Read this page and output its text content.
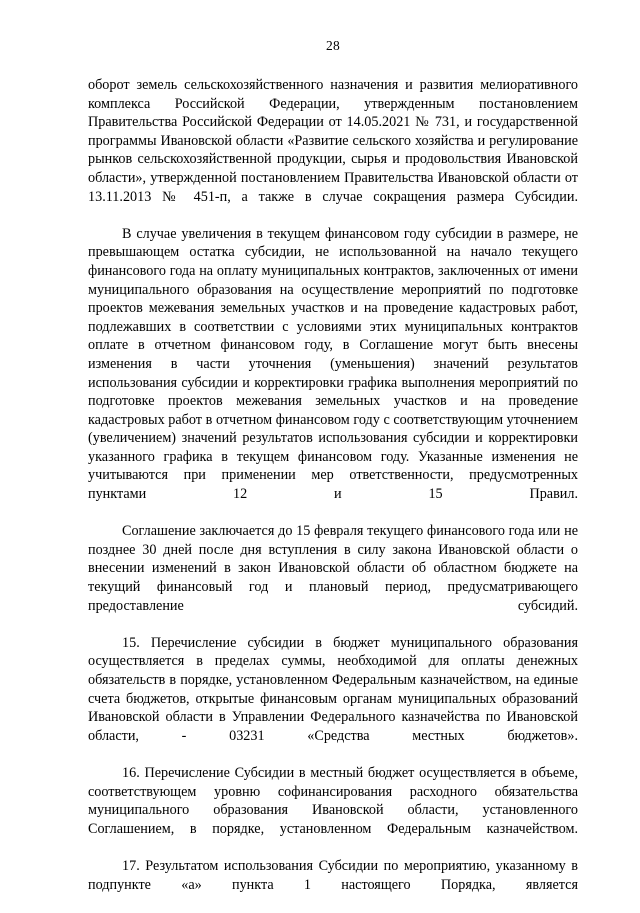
28

оборот земель сельскохозяйственного назначения и развития мелиоративного комплекса Российской Федерации, утвержденным постановлением Правительства Российской Федерации от 14.05.2021 № 731, и государственной программы Ивановской области «Развитие сельского хозяйства и регулирование рынков сельскохозяйственной продукции, сырья и продовольствия Ивановской области», утвержденной постановлением Правительства Ивановской области от 13.11.2013 № 451-п, а также в случае сокращения размера Субсидии.

В случае увеличения в текущем финансовом году субсидии в размере, не превышающем остатка субсидии, не использованной на начало текущего финансового года на оплату муниципальных контрактов, заключенных от имени муниципального образования на осуществление мероприятий по подготовке проектов межевания земельных участков и на проведение кадастровых работ, подлежавших в соответствии с условиями этих муниципальных контрактов оплате в отчетном финансовом году, в Соглашение могут быть внесены изменения в части уточнения (уменьшения) значений результатов использования субсидии и корректировки графика выполнения мероприятий по подготовке проектов межевания земельных участков и на проведение кадастровых работ в отчетном финансовом году с соответствующим уточнением (увеличением) значений результатов использования субсидии и корректировки указанного графика в текущем финансовом году. Указанные изменения не учитываются при применении мер ответственности, предусмотренных пунктами 12 и 15 Правил.

Соглашение заключается до 15 февраля текущего финансового года или не позднее 30 дней после дня вступления в силу закона Ивановской области о внесении изменений в закон Ивановской области об областном бюджете на текущий финансовый год и плановый период, предусматривающего предоставление субсидий.

15. Перечисление субсидии в бюджет муниципального образования осуществляется в пределах суммы, необходимой для оплаты денежных обязательств в порядке, установленном Федеральным казначейством, на единые счета бюджетов, открытые финансовым органам муниципальных образований Ивановской области в Управлении Федерального казначейства по Ивановской области, - 03231 «Средства местных бюджетов».

16. Перечисление Субсидии в местный бюджет осуществляется в объеме, соответствующем уровню софинансирования расходного обязательства муниципального образования Ивановской области, установленного Соглашением, в порядке, установленном Федеральным казначейством.

17. Результатом использования Субсидии по мероприятию, указанному в подпункте «а» пункта 1 настоящего Порядка, является
